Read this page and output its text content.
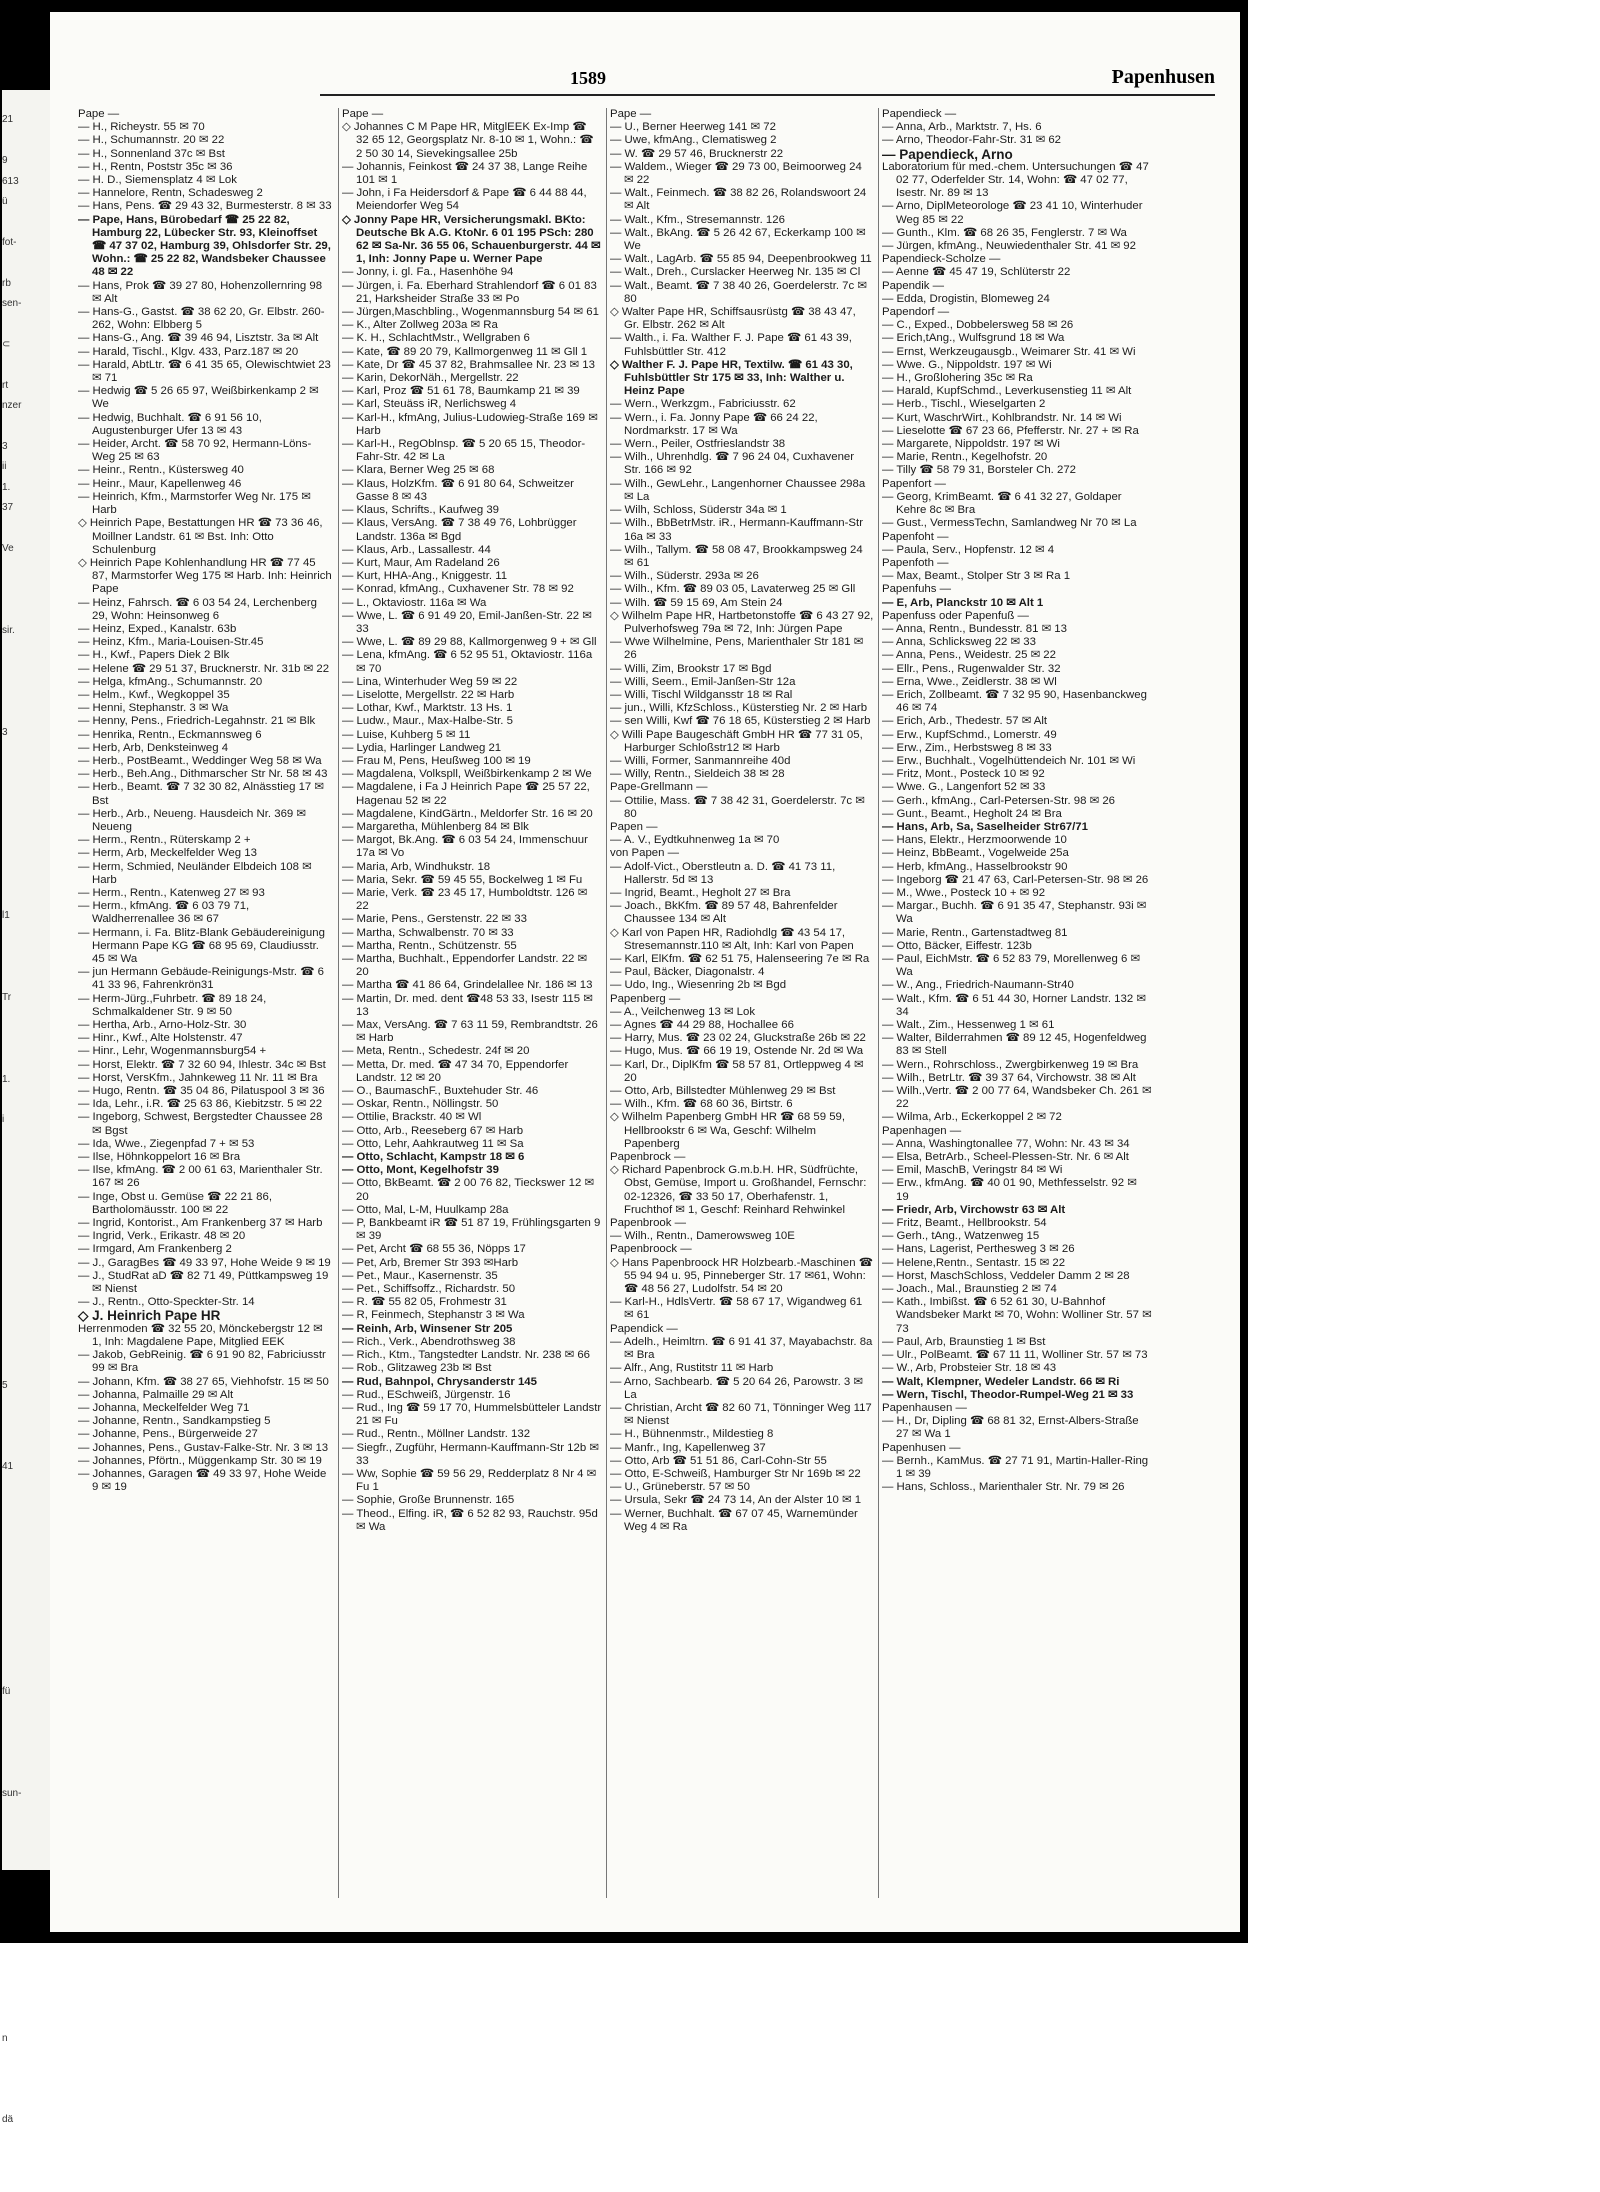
21

9
613
ü

fot-

rb
sen-

⊂

rt
nzer

3
ii
1.
37

Ve

sir.

3

l1

Tr

1.

i

5

41

fü

sun-

n

dä

1589	Papenhusen
Pape —
— H., Richeystr. 55 ✉ 70
— H., Schumannstr. 20 ✉ 22
— H., Sonnenland 37c ✉ Bst
— H., Rentn, Poststr 35c ✉ 36
— H. D., Siemensplatz 4 ✉ Lok
— Hannelore, Rentn, Schadesweg 2
— Hans, Pens. ☎ 29 43 32, Burmesterstr. 8 ✉ 33
— Pape, Hans, Bürobedarf ☎ 25 22 82, Hamburg 22, Lübecker Str. 93, Kleinoffset ☎ 47 37 02, Hamburg 39, Ohlsdorfer Str. 29, Wohn.: ☎ 25 22 82, Wandsbeker Chaussee 48 ✉ 22
— Hans, Prok ☎ 39 27 80, Hohenzollernring 98 ✉ Alt
— Hans-G., Gastst. ☎ 38 62 20, Gr. Elbstr. 260-262, Wohn: Elbberg 5
— Hans-G., Ang. ☎ 39 46 94, Lisztstr. 3a ✉ Alt
— Harald, Tischl., Klgv. 433, Parz.187 ✉ 20
— Harald, AbtLtr. ☎ 6 41 35 65, Olewischtwiet 23 ✉ 71
— Hedwig ☎ 5 26 65 97, Weißbirkenkamp 2 ✉ We
— Hedwig, Buchhalt. ☎ 6 91 56 10, Augustenburger Ufer 13 ✉ 43
— Heider, Archt. ☎ 58 70 92, Hermann-Löns-Weg 25 ✉ 63
— Heinr., Rentn., Küstersweg 40
— Heinr., Maur, Kapellenweg 46
— Heinrich, Kfm., Marmstorfer Weg Nr. 175 ✉ Harb
◇ Heinrich Pape, Bestattungen HR ☎ 73 36 46, Moillner Landstr. 61 ✉ Bst. Inh: Otto Schulenburg
◇ Heinrich Pape Kohlenhandlung HR ☎ 77 45 87, Marmstorfer Weg 175 ✉ Harb. Inh: Heinrich Pape
— Heinz, Fahrsch. ☎ 6 03 54 24, Lerchenberg 29, Wohn: Heinsonweg 6
— Heinz, Exped., Kanalstr. 63b
— Heinz, Kfm., Maria-Louisen-Str.45
— H., Kwf., Papers Diek 2 Blk
— Helene ☎ 29 51 37, Brucknerstr. Nr. 31b ✉ 22
— Helga, kfmAng., Schumannstr. 20
— Helm., Kwf., Wegkoppel 35
— Henni, Stephanstr. 3 ✉ Wa
— Henny, Pens., Friedrich-Legahnstr. 21 ✉ Blk
— Henrika, Rentn., Eckmannsweg 6
— Herb, Arb, Denksteinweg 4
— Herb., PostBeamt., Weddinger Weg 58 ✉ Wa
— Herb., Beh.Ang., Dithmarscher Str Nr. 58 ✉ 43
— Herb., Beamt. ☎ 7 32 30 82, Alnässtieg 17 ✉ Bst
— Herb., Arb., Neueng. Hausdeich Nr. 369 ✉ Neueng
— Herm., Rentn., Rüterskamp 2 +
— Herm, Arb, Meckelfelder Weg 13
— Herm, Schmied, Neuländer Elbdeich 108 ✉ Harb
— Herm., Rentn., Katenweg 27 ✉ 93
— Herm., kfmAng. ☎ 6 03 79 71, Waldherrenallee 36 ✉ 67
— Hermann, i. Fa. Blitz-Blank Gebäudereinigung Hermann Pape KG ☎ 68 95 69, Claudiusstr. 45 ✉ Wa
— jun Hermann Gebäude-Reinigungs-Mstr. ☎ 6 41 33 96, Fahrenkrön31
— Herm-Jürg.,Fuhrbetr. ☎ 89 18 24, Schmalkaldener Str. 9 ✉ 50
— Hertha, Arb., Arno-Holz-Str. 30
— Hinr., Kwf., Alte Holstenstr. 47
— Hinr., Lehr, Wogenmannsburg54 +
— Horst, Elektr. ☎ 7 32 60 94, Ihlestr. 34c ✉ Bst
— Horst, VersKfm., Jahnkeweg 11 Nr. 11 ✉ Bra
— Hugo, Rentn. ☎ 35 04 86, Pilatuspool 3 ✉ 36
— Ida, Lehr., i.R. ☎ 25 63 86, Kiebitzstr. 5 ✉ 22
— Ingeborg, Schwest, Bergstedter Chaussee 28 ✉ Bgst
— Ida, Wwe., Ziegenpfad 7 + ✉ 53
— Ilse, Höhnkoppelort 16 ✉ Bra
— Ilse, kfmAng. ☎ 2 00 61 63, Marienthaler Str. 167 ✉ 26
— Inge, Obst u. Gemüse ☎ 22 21 86, Bartholomäusstr. 100 ✉ 22
— Ingrid, Kontorist., Am Frankenberg 37 ✉ Harb
— Ingrid, Verk., Erikastr. 48 ✉ 20
— Irmgard, Am Frankenberg 2
— J., GaragBes ☎ 49 33 97, Hohe Weide 9 ✉ 19
— J., StudRat aD ☎ 82 71 49, Püttkampsweg 19 ✉ Nienst
— J., Rentn., Otto-Speckter-Str. 14
◇ J. Heinrich Pape HR
Herrenmoden ☎ 32 55 20, Mönckebergstr 12 ✉ 1, Inh: Magdalene Pape, Mitglied EEK
— Jakob, GebReinig. ☎ 6 91 90 82, Fabriciusstr 99 ✉ Bra
— Johann, Kfm. ☎ 38 27 65, Viehhofstr. 15 ✉ 50
— Johanna, Palmaille 29 ✉ Alt
— Johanna, Meckelfelder Weg 71
— Johanne, Rentn., Sandkampstieg 5
— Johanne, Pens., Bürgerweide 27
— Johannes, Pens., Gustav-Falke-Str. Nr. 3 ✉ 13
— Johannes, Pförtn., Müggenkamp Str. 30 ✉ 19
— Johannes, Garagen ☎ 49 33 97, Hohe Weide 9 ✉ 19
Pape —
◇ Johannes C M Pape HR, MitglEEK Ex-Imp ☎ 32 65 12, Georgsplatz Nr. 8-10 ✉ 1, Wohn.: ☎ 2 50 30 14, Sievekingsallee 25b
— Johannis, Feinkost ☎ 24 37 38, Lange Reihe 101 ✉ 1
— John, i Fa Heidersdorf & Pape ☎ 6 44 88 44, Meiendorfer Weg 54
◇ Jonny Pape HR, Versicherungsmakl. BKto: Deutsche Bk A.G. KtoNr. 6 01 195 PSch: 280 62 ✉ Sa-Nr. 36 55 06, Schauenburgerstr. 44 ✉ 1, Inh: Jonny Pape u. Werner Pape
— Jonny, i. gl. Fa., Hasenhöhe 94
— Jürgen, i. Fa. Eberhard Strahlendorf ☎ 6 01 83 21, Harksheider Straße 33 ✉ Po
— Jürgen,Maschbling., Wogenmannsburg 54 ✉ 61
— K., Alter Zollweg 203a ✉ Ra
— K. H., SchlachtMstr., Wellgraben 6
— Kate, ☎ 89 20 79, Kallmorgenweg 11 ✉ Gll 1
— Kate, Dr ☎ 45 37 82, Brahmsallee Nr. 23 ✉ 13
— Karin, DekorNäh., Mergellstr. 22
— Karl, Proz ☎ 51 61 78, Baumkamp 21 ✉ 39
— Karl, Steuäss iR, Nerlichsweg 4
— Karl-H., kfmAng, Julius-Ludowieg-Straße 169 ✉ Harb
— Karl-H., RegOblnsp. ☎ 5 20 65 15, Theodor-Fahr-Str. 42 ✉ La
— Klara, Berner Weg 25 ✉ 68
— Klaus, HolzKfm. ☎ 6 91 80 64, Schweitzer Gasse 8 ✉ 43
— Klaus, Schrifts., Kaufweg 39
— Klaus, VersAng. ☎ 7 38 49 76, Lohbrügger Landstr. 136a ✉ Bgd
— Klaus, Arb., Lassallestr. 44
— Kurt, Maur, Am Radeland 26
— Kurt, HHA-Ang., Kniggestr. 11
— Konrad, kfmAng., Cuxhavener Str. 78 ✉ 92
— L., Oktaviostr. 116a ✉ Wa
— Wwe, L. ☎ 6 91 49 20, Emil-Janßen-Str. 22 ✉ 33
— Wwe, L. ☎ 89 29 88, Kallmorgenweg 9 + ✉ Gll
— Lena, kfmAng. ☎ 6 52 95 51, Oktaviostr. 116a ✉ 70
— Lina, Winterhuder Weg 59 ✉ 22
— Liselotte, Mergellstr. 22 ✉ Harb
— Lothar, Kwf., Marktstr. 13 Hs. 1
— Ludw., Maur., Max-Halbe-Str. 5
— Luise, Kuhberg 5 ✉ 11
— Lydia, Harlinger Landweg 21
— Frau M, Pens, Heußweg 100 ✉ 19
— Magdalena, Volkspll, Weißbirkenkamp 2 ✉ We
— Magdalene, i Fa J Heinrich Pape ☎ 25 57 22, Hagenau 52 ✉ 22
— Magdalene, KindGärtn., Meldorfer Str. 16 ✉ 20
— Margaretha, Mühlenberg 84 ✉ Blk
— Margot, Bk.Ang. ☎ 6 03 54 24, Immenschuur 17a ✉ Vo
— Maria, Arb, Windhukstr. 18
— Maria, Sekr. ☎ 59 45 55, Bockelweg 1 ✉ Fu
— Marie, Verk. ☎ 23 45 17, Humboldtstr. 126 ✉ 22
— Marie, Pens., Gerstenstr. 22 ✉ 33
— Martha, Schwalbenstr. 70 ✉ 33
— Martha, Rentn., Schützenstr. 55
— Martha, Buchhalt., Eppendorfer Landstr. 22 ✉ 20
— Martha ☎ 41 86 64, Grindelallee Nr. 186 ✉ 13
— Martin, Dr. med. dent ☎48 53 33, Isestr 115 ✉ 13
— Max, VersAng. ☎ 7 63 11 59, Rembrandtstr. 26 ✉ Harb
— Meta, Rentn., Schedestr. 24f ✉ 20
— Metta, Dr. med. ☎ 47 34 70, Eppendorfer Landstr. 12 ✉ 20
— O., BaumaschF., Buxtehuder Str. 46
— Oskar, Rentn., Nöllingstr. 50
— Ottilie, Brackstr. 40 ✉ Wl
— Otto, Arb., Reeseberg 67 ✉ Harb
— Otto, Lehr, Aahkrautweg 11 ✉ Sa
— Otto, Schlacht, Kampstr 18 ✉ 6
— Otto, Mont, Kegelhofstr 39
— Otto, BkBeamt. ☎ 2 00 76 82, Tieckswег 12 ✉ 20
— Otto, Mal, L-M, Huulkamp 28a
— P, Bankbeamt iR ☎ 51 87 19, Frühlingsgarten 9 ✉ 39
— Pet, Archt ☎ 68 55 36, Nöpps 17
— Pet, Arb, Bremer Str 393 ✉Harb
— Pet., Maur., Kasernenstr. 35
— Pet., Schiffsoffz., Richardstr. 50
— R. ☎ 55 82 05, Frohmestr 31
— R, Feinmech, Stephanstr 3 ✉ Wa
— Reinh, Arb, Winsener Str 205
— Rich., Verk., Abendrothsweg 38
— Rich., Ktm., Tangstedter Landstr. Nr. 238 ✉ 66
— Rob., Glitzaweg 23b ✉ Bst
— Rud, Bahnpol, Chrysanderstr 145
— Rud., ESchweiß, Jürgenstr. 16
— Rud., Ing ☎ 59 17 70, Hummelsbütteler Landstr 21 ✉ Fu
— Rud., Rentn., Möllner Landstr. 132
— Siegfr., Zugführ, Hermann-Kauffmann-Str 12b ✉ 33
— Ww, Sophie ☎ 59 56 29, Redderplatz 8 Nr 4 ✉ Fu 1
— Sophie, Große Brunnenstr. 165
— Theod., Elfing. iR, ☎ 6 52 82 93, Rauchstr. 95d ✉ Wa
Pape —
— U., Berner Heerweg 141 ✉ 72
— Uwe, kfmAng., Clematisweg 2
— W. ☎ 29 57 46, Brucknerstr 22
— Waldem., Wieger ☎ 29 73 00, Beimoorweg 24 ✉ 22
— Walt., Feinmech. ☎ 38 82 26, Rolandswoort 24 ✉ Alt
— Walt., Kfm., Stresemannstr. 126
— Walt., BkAng. ☎ 5 26 42 67, Eckerkamp 100 ✉ We
— Walt., LagArb. ☎ 55 85 94, Deepenbrookweg 11
— Walt., Dreh., Curslacker Heerweg Nr. 135 ✉ Cl
— Walt., Beamt. ☎ 7 38 40 26, Goerdelerstr. 7c ✉ 80
◇ Walter Pape HR, Schiffsausrüstg ☎ 38 43 47, Gr. Elbstr. 262 ✉ Alt
— Walth., i. Fa. Walther F. J. Pape ☎ 61 43 39, Fuhlsbüttler Str. 412
◇ Walther F. J. Pape HR, Textilw. ☎ 61 43 30, Fuhlsbüttler Str 175 ✉ 33, Inh: Walther u. Heinz Pape
— Wern., Werkzgm., Fabriciusstr. 62
— Wern., i. Fa. Jonny Pape ☎ 66 24 22, Nordmarkstr. 17 ✉ Wa
— Wern., Peiler, Ostfrieslandstr 38
— Wilh., Uhrenhdlg. ☎ 7 96 24 04, Cuxhavener Str. 166 ✉ 92
— Wilh., GewLehr., Langenhorner Chaussee 298a ✉ La
— Wilh, Schloss, Süderstr 34a ✉ 1
— Wilh., BbBetrMstr. iR., Hermann-Kauffmann-Str 16a ✉ 33
— Wilh., Tallym. ☎ 58 08 47, Brookkampsweg 24 ✉ 61
— Wilh., Süderstr. 293a ✉ 26
— Wilh., Kfm. ☎ 89 03 05, Lavaterweg 25 ✉ Gll
— Wilh. ☎ 59 15 69, Am Stein 24
◇ Wilhelm Pape HR, Hartbetonstoffe ☎ 6 43 27 92, Pulverhofsweg 79a ✉ 72, Inh: Jürgen Pape
— Wwe Wilhelmine, Pens, Marienthaler Str 181 ✉ 26
— Willi, Zim, Brookstr 17 ✉ Bgd
— Willi, Seem., Emil-Janßen-Str 12a
— Willi, Tischl Wildgansstr 18 ✉ Ral
— jun., Willi, KfzSchloss., Küsterstieg Nr. 2 ✉ Harb
— sen Willi, Kwf ☎ 76 18 65, Küsterstieg 2 ✉ Harb
◇ Willi Pape Baugeschäft GmbH HR ☎ 77 31 05, Harburger Schloßstr12 ✉ Harb
— Willi, Former, Sanmannreihe 40d
— Willy, Rentn., Sieldeich 38 ✉ 28
Pape-Grellmann —
— Ottilie, Mass. ☎ 7 38 42 31, Goerdelerstr. 7c ✉ 80
Papen —
— A. V., Eydtkuhnenweg 1a ✉ 70
von Papen —
— Adolf-Vict., Oberstleutn a. D. ☎ 41 73 11, Hallerstr. 5d ✉ 13
— Ingrid, Beamt., Hegholt 27 ✉ Bra
— Joach., BkKfm. ☎ 89 57 48, Bahrenfelder Chaussee 134 ✉ Alt
◇ Karl von Papen HR, Radiohdlg ☎ 43 54 17, Stresemannstr.110 ✉ Alt, Inh: Karl von Papen
— Karl, ElKfm. ☎ 62 51 75, Halenseering 7e ✉ Ra
— Paul, Bäcker, Diagonalstr. 4
— Udo, Ing., Wiesenring 2b ✉ Bgd
Papenberg —
— A., Veilchenweg 13 ✉ Lok
— Agnes ☎ 44 29 88, Hochallee 66
— Harry, Mus. ☎ 23 02 24, Gluckstraße 26b ✉ 22
— Hugo, Mus. ☎ 66 19 19, Ostende Nr. 2d ✉ Wa
— Karl, Dr., DiplKfm ☎ 58 57 81, Ortleppweg 4 ✉ 20
— Otto, Arb, Billstedter Mühlenweg 29 ✉ Bst
— Wilh., Kfm. ☎ 68 60 36, Birtstr. 6
◇ Wilhelm Papenberg GmbH HR ☎ 68 59 59, Hellbrookstr 6 ✉ Wa, Geschf: Wilhelm Papenberg
Papenbrock —
◇ Richard Papenbrock G.m.b.H. HR, Südfrüchte, Obst, Gemüse, Import u. Großhandel, Fernschr: 02-12326, ☎ 33 50 17, Oberhafenstr. 1, Fruchthof ✉ 1, Geschf: Reinhard Rehwinkel
Papenbrook —
— Wilh., Rentn., Damerowsweg 10E
Papenbroock —
◇ Hans Papenbroock HR Holzbearb.-Maschinen ☎ 55 94 94 u. 95, Pinneberger Str. 17 ✉61, Wohn: ☎ 48 56 27, Ludolfstr. 54 ✉ 20
— Karl-H., HdlsVertr. ☎ 58 67 17, Wigandweg 61 ✉ 61
Papendick —
— Adelh., Heimltrn. ☎ 6 91 41 37, Mayabachstr. 8a ✉ Bra
— Alfr., Ang, Rustitstr 11 ✉ Harb
— Arno, Sachbearb. ☎ 5 20 64 26, Parowstr. 3 ✉ La
— Christian, Archt ☎ 82 60 71, Tönninger Weg 117 ✉ Nienst
— H., Bühnenmstr., Mildestieg 8
— Manfr., Ing, Kapellenweg 37
— Otto, Arb ☎ 51 51 86, Carl-Cohn-Str 55
— Otto, E-Schweiß, Hamburger Str Nr 169b ✉ 22
— U., Grüneberstr. 57 ✉ 50
— Ursula, Sekr ☎ 24 73 14, An der Alster 10 ✉ 1
— Werner, Buchhalt. ☎ 67 07 45, Warnemünder Weg 4 ✉ Ra
Papendieck —
— Anna, Arb., Marktstr. 7, Hs. 6
— Arno, Theodor-Fahr-Str. 31 ✉ 62
— Papendieck, Arno
Laboratorium für med.-chem. Untersuchungen ☎ 47 02 77, Oderfelder Str. 14, Wohn: ☎ 47 02 77, Isestr. Nr. 89 ✉ 13
— Arno, DiplMeteorologe ☎ 23 41 10, Winterhuder Weg 85 ✉ 22
— Gunth., Klm. ☎ 68 26 35, Fenglerstr. 7 ✉ Wa
— Jürgen, kfmAng., Neuwiedenthaler Str. 41 ✉ 92
Papendieck-Scholze —
— Aenne ☎ 45 47 19, Schlüterstr 22
Papendik —
— Edda, Drogistin, Blomeweg 24
Papendorf —
— C., Exped., Dobbelersweg 58 ✉ 26
— Erich,tAng., Wulfsgrund 18 ✉ Wa
— Ernst, Werkzeugausgb., Weimarer Str. 41 ✉ Wi
— Wwe. G., Nippoldstr. 197 ✉ Wi
— H., Großlohering 35c ✉ Ra
— Harald, KupfSchmd., Leverkusenstieg 11 ✉ Alt
— Herb., Tischl., Wieselgarten 2
— Kurt, WaschrWirt., Kohlbrandstr. Nr. 14 ✉ Wi
— Lieselotte ☎ 67 23 66, Pfefferstr. Nr. 27 + ✉ Ra
— Margarete, Nippoldstr. 197 ✉ Wi
— Marie, Rentn., Kegelhofstr. 20
— Tilly ☎ 58 79 31, Borsteler Ch. 272
Papenfort —
— Georg, KrimBeamt. ☎ 6 41 32 27, Goldaper Kehre 8c ✉ Bra
— Gust., VermessTechn, Samlandweg Nr 70 ✉ La
Papenfoht —
— Paula, Serv., Hopfenstr. 12 ✉ 4
Papenfoth —
— Max, Beamt., Stolper Str 3 ✉ Ra 1
Papenfuhs —
— E, Arb, Planckstr 10 ✉ Alt 1
Papenfuss oder Papenfuß —
— Anna, Rentn., Bundesstr. 81 ✉ 13
— Anna, Schlicksweg 22 ✉ 33
— Anna, Pens., Weidestr. 25 ✉ 22
— Ellr., Pens., Rugenwalder Str. 32
— Erna, Wwe., Zeidlerstr. 38 ✉ Wl
— Erich, Zollbeamt. ☎ 7 32 95 90, Hasenbanckweg 46 ✉ 74
— Erich, Arb., Thedestr. 57 ✉ Alt
— Erw., KupfSchmd., Lomerstr. 49
— Erw., Zim., Herbstsweg 8 ✉ 33
— Erw., Buchhalt., Vogelhüttendeich Nr. 101 ✉ Wi
— Fritz, Mont., Posteck 10 ✉ 92
— Wwe. G., Langenfort 52 ✉ 33
— Gerh., kfmAng., Carl-Petersen-Str. 98 ✉ 26
— Gunt., Beamt., Hegholt 24 ✉ Bra
— Hans, Arb, Sa, Saselheider Str67/71
— Hans, Elektr., Herzmoorwende 10
— Heinz, BbBeamt., Vogelweide 25a
— Herb, kfmAng., Hasselbrookstr 90
— Ingeborg ☎ 21 47 63, Carl-Petersen-Str. 98 ✉ 26
— M., Wwe., Posteck 10 + ✉ 92
— Margar., Buchh. ☎ 6 91 35 47, Stephanstr. 93i ✉ Wa
— Marie, Rentn., Gartenstadtweg 81
— Otto, Bäcker, Eiffestr. 123b
— Paul, EichMstr. ☎ 6 52 83 79, Morellenweg 6 ✉ Wa
— W., Ang., Friedrich-Naumann-Str40
— Walt., Kfm. ☎ 6 51 44 30, Horner Landstr. 132 ✉ 34
— Walt., Zim., Hessenweg 1 ✉ 61
— Walter, Bilderrahmen ☎ 89 12 45, Hogenfeldweg 83 ✉ Stell
— Wern., Rohrschloss., Zwergbirkenweg 19 ✉ Bra
— Wilh., BetrLtr. ☎ 39 37 64, Virchowstr. 38 ✉ Alt
— Wilh.,Vertr. ☎ 2 00 77 64, Wandsbeker Ch. 261 ✉ 22
— Wilma, Arb., Eckerkoppel 2 ✉ 72
Papenhagen —
— Anna, Washingtonallee 77, Wohn: Nr. 43 ✉ 34
— Elsa, BetrArb., Scheel-Plessen-Str. Nr. 6 ✉ Alt
— Emil, MaschB, Veringstr 84 ✉ Wi
— Erw., kfmAng. ☎ 40 01 90, Methfesselstr. 92 ✉ 19
— Friedr, Arb, Virchowstr 63 ✉ Alt
— Fritz, Beamt., Hellbrookstr. 54
— Gerh., tAng., Watzenweg 15
— Hans, Lagerist, Perthesweg 3 ✉ 26
— Helene,Rentn., Sentastr. 15 ✉ 22
— Horst, MaschSchloss, Veddeler Damm 2 ✉ 28
— Joach., Mal., Braunstieg 2 ✉ 74
— Kath., Imbißst. ☎ 6 52 61 30, U-Bahnhof Wandsbeker Markt ✉ 70, Wohn: Wolliner Str. 57 ✉ 73
— Paul, Arb, Braunstieg 1 ✉ Bst
— Ulr., PolBeamt. ☎ 67 11 11, Wolliner Str. 57 ✉ 73
— W., Arb, Probsteier Str. 18 ✉ 43
— Walt, Klempner, Wedeler Landstr. 66 ✉ Ri
— Wern, Tischl, Theodor-Rumpel-Weg 21 ✉ 33
Papenhausen —
— H., Dr, Dipling ☎ 68 81 32, Ernst-Albers-Straße 27 ✉ Wa 1
Papenhusen —
— Bernh., KamMus. ☎ 27 71 91, Martin-Haller-Ring 1 ✉ 39
— Hans, Schloss., Marienthaler Str. Nr. 79 ✉ 26
